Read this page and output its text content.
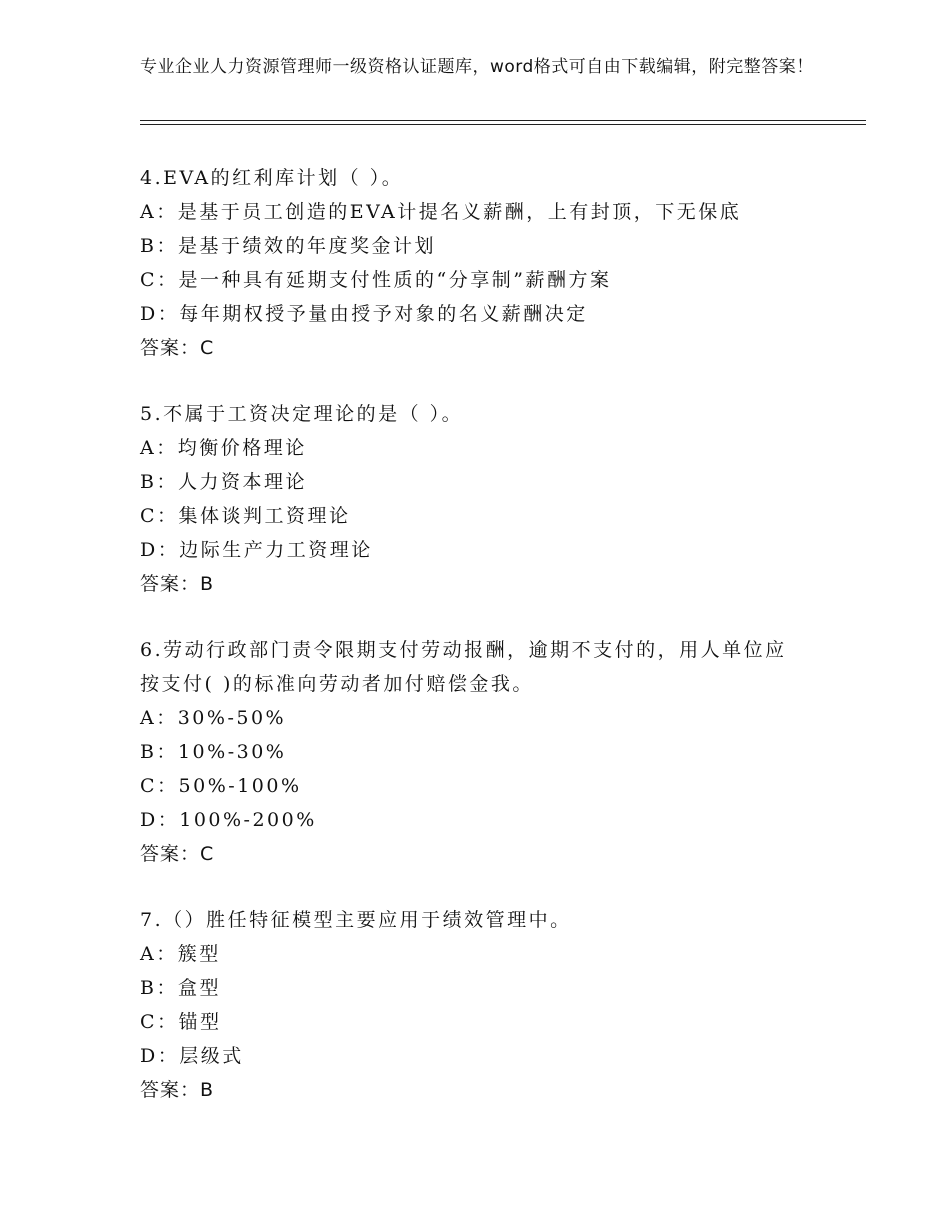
专业企业人力资源管理师一级资格认证题库，word格式可自由下载编辑，附完整答案！
4.EVA的红利库计划（ ）。
A：是基于员工创造的EVA计提名义薪酬，上有封顶，下无保底
B：是基于绩效的年度奖金计划
C：是一种具有延期支付性质的“分享制”薪酬方案
D：每年期权授予量由授予对象的名义薪酬决定
答案：C
5.不属于工资决定理论的是（ ）。
A：均衡价格理论
B：人力资本理论
C：集体谈判工资理论
D：边际生产力工资理论
答案：B
6.劳动行政部门责令限期支付劳动报酬，逾期不支付的，用人单位应
按支付( )的标准向劳动者加付赔偿金我。
A：30%-50%
B：10%-30%
C：50%-100%
D：100%-200%
答案：C
7.（）胜任特征模型主要应用于绩效管理中。
A：簇型
B：盒型
C：锚型
D：层级式
答案：B
